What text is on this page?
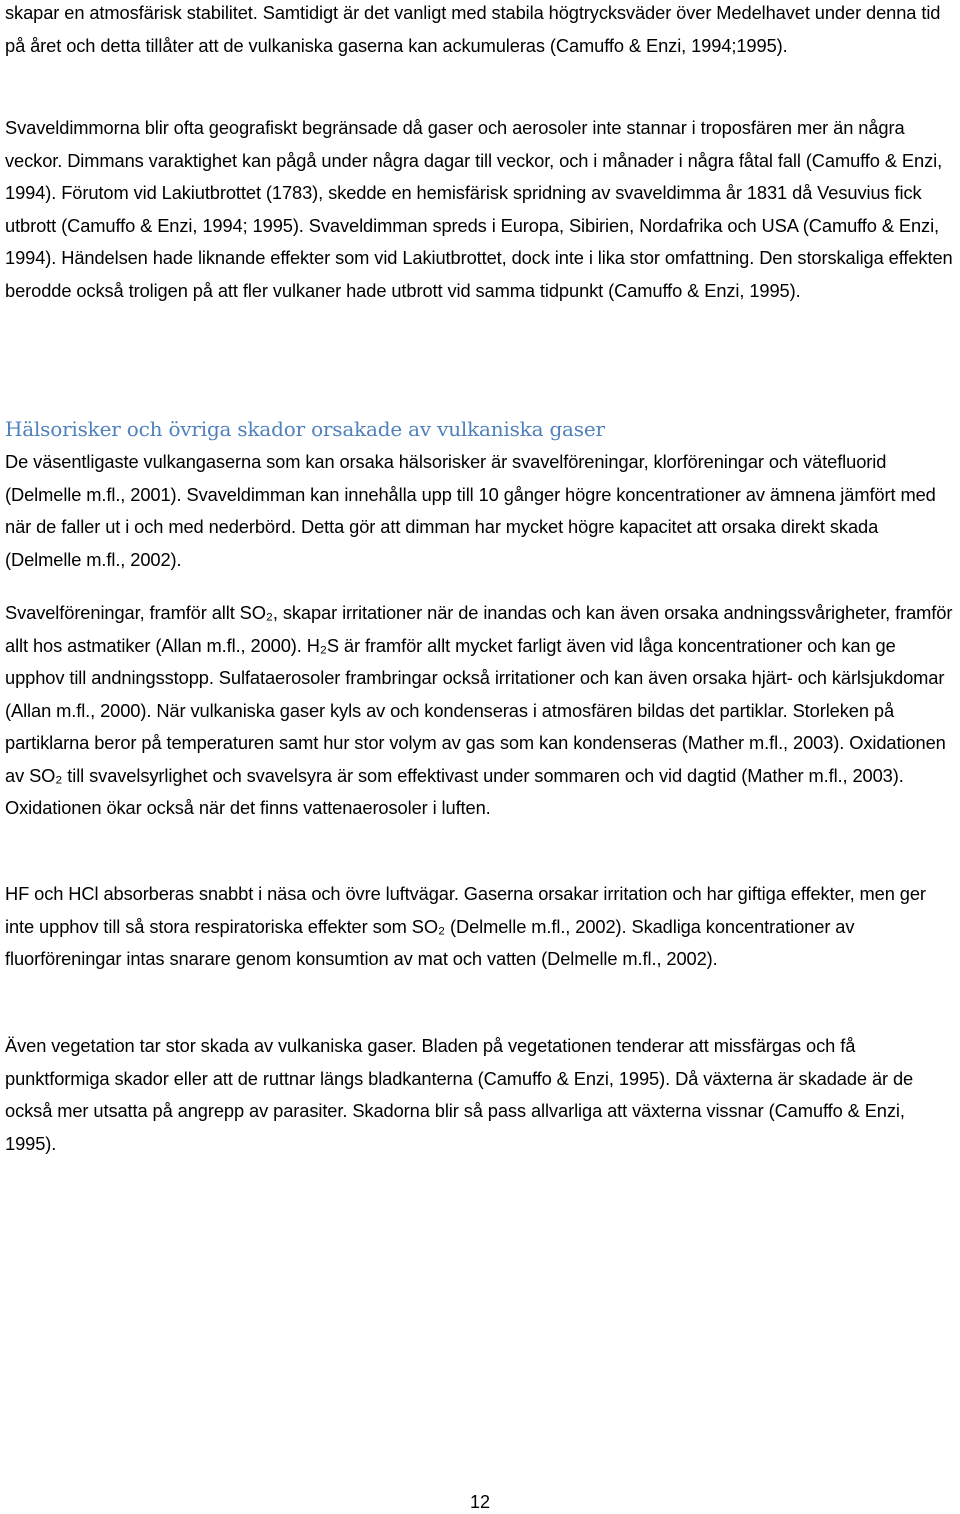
skapar en atmosfärisk stabilitet. Samtidigt är det vanligt med stabila högtrycksväder över Medelhavet under denna tid på året och detta tillåter att de vulkaniska gaserna kan ackumuleras (Camuffo & Enzi, 1994;1995).

Svaveldimmorna blir ofta geografiskt begränsade då gaser och aerosoler inte stannar i troposfären mer än några veckor. Dimmans varaktighet kan pågå under några dagar till veckor, och i månader i några fåtal fall (Camuffo & Enzi, 1994). Förutom vid Lakiutbrottet (1783), skedde en hemisfärisk spridning av svaveldimma år 1831 då Vesuvius fick utbrott (Camuffo & Enzi, 1994; 1995). Svaveldimman spreds i Europa, Sibirien, Nordafrika och USA (Camuffo & Enzi, 1994). Händelsen hade liknande effekter som vid Lakiutbrottet, dock inte i lika stor omfattning. Den storskaliga effekten berodde också troligen på att fler vulkaner hade utbrott vid samma tidpunkt (Camuffo & Enzi, 1995).

Hälsorisker och övriga skador orsakade av vulkaniska gaser

De väsentligaste vulkangaserna som kan orsaka hälsorisker är svavelföreningar, klorföreningar och vätefluorid (Delmelle m.fl., 2001). Svaveldimman kan innehålla upp till 10 gånger högre koncentrationer av ämnena jämfört med när de faller ut i och med nederbörd. Detta gör att dimman har mycket högre kapacitet att orsaka direkt skada (Delmelle m.fl., 2002).

Svavelföreningar, framför allt SO₂, skapar irritationer när de inandas och kan även orsaka andningssvårigheter, framför allt hos astmatiker (Allan m.fl., 2000). H₂S är framför allt mycket farligt även vid låga koncentrationer och kan ge upphov till andningsstopp. Sulfataerosoler frambringar också irritationer och kan även orsaka hjärt- och kärlsjukdomar (Allan m.fl., 2000). När vulkaniska gaser kyls av och kondenseras i atmosfären bildas det partiklar. Storleken på partiklarna beror på temperaturen samt hur stor volym av gas som kan kondenseras (Mather m.fl., 2003). Oxidationen av SO₂ till svavelsyrlighet och svavelsyra är som effektivast under sommaren och vid dagtid (Mather m.fl., 2003). Oxidationen ökar också när det finns vattenaerosoler i luften.

HF och HCl absorberas snabbt i näsa och övre luftvägar. Gaserna orsakar irritation och har giftiga effekter, men ger inte upphov till så stora respiratoriska effekter som SO₂ (Delmelle m.fl., 2002). Skadliga koncentrationer av fluorföreningar intas snarare genom konsumtion av mat och vatten (Delmelle m.fl., 2002).

Även vegetation tar stor skada av vulkaniska gaser. Bladen på vegetationen tenderar att missfärgas och få punktformiga skador eller att de ruttnar längs bladkanterna (Camuffo & Enzi, 1995). Då växterna är skadade är de också mer utsatta på angrepp av parasiter. Skadorna blir så pass allvarliga att växterna vissnar (Camuffo & Enzi, 1995).

12
